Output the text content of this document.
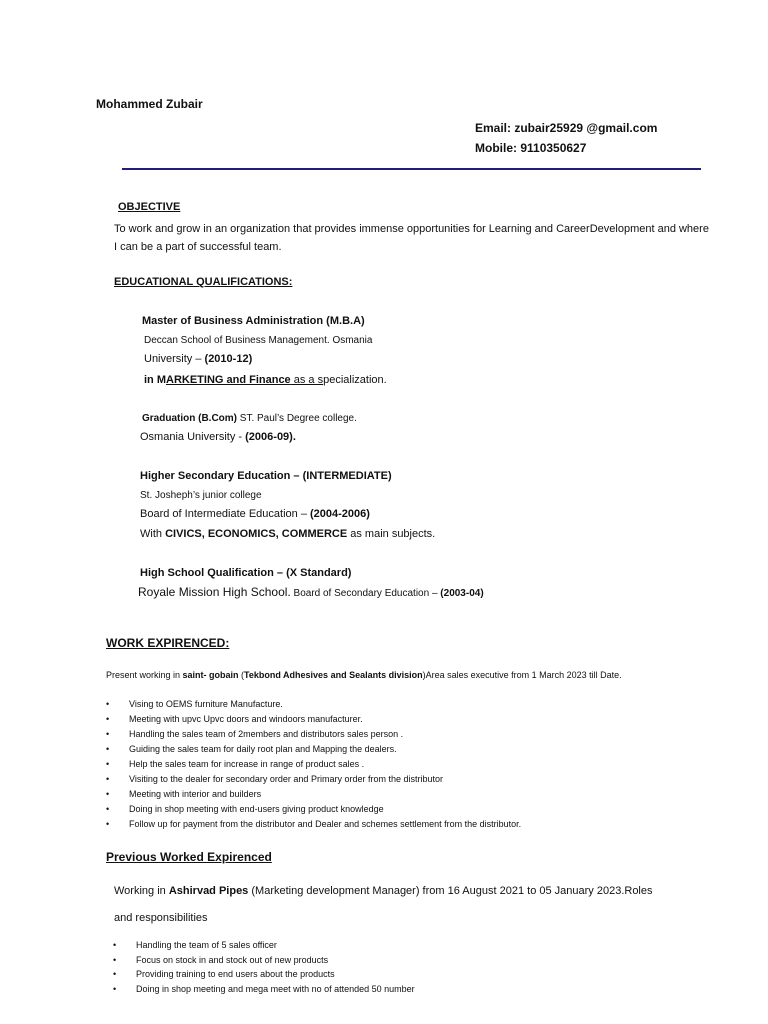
Mohammed Zubair
Email: zubair25929 @gmail.com
Mobile: 9110350627
OBJECTIVE
To work and grow in an organization that provides immense opportunities for Learning and CareerDevelopment and where I can be a part of successful team.
EDUCATIONAL QUALIFICATIONS:
Master of Business Administration (M.B.A)
Deccan School of Business Management. Osmania
University – (2010-12)
in MARKETING and Finance as a specialization.
Graduation (B.Com) ST. Paul’s Degree college.
Osmania University - (2006-09).
Higher Secondary Education – (INTERMEDIATE)
St. Josheph’s junior college
Board of Intermediate Education – (2004-2006)
With CIVICS, ECONOMICS, COMMERCE as main subjects.
High School Qualification – (X Standard)
Royale Mission High School. Board of Secondary Education – (2003-04)
WORK EXPIRENCED:
Present working in saint- gobain (Tekbond Adhesives and Sealants division)Area sales executive from 1 March 2023 till Date.
• Vising to OEMS furniture Manufacture.
• Meeting with upvc Upvc doors and windoors manufacturer.
• Handling the sales team of 2members and distributors sales person .
• Guiding the sales team for daily root plan and Mapping the dealers.
• Help the sales team for increase in range of product sales .
• Visiting to the dealer for secondary order and Primary order from the distributor
• Meeting with interior and builders
• Doing in shop meeting with end-users giving product knowledge
• Follow up for payment from the distributor and Dealer and schemes settlement from the distributor.
Previous Worked Expirenced
Working in Ashirvad Pipes (Marketing development Manager) from 16 August 2021 to 05 January 2023.Roles
and responsibilities
• Handling the team of 5 sales officer
• Focus on stock in and stock out of new products
• Providing training to end users about the products
• Doing in shop meeting and mega meet with no of attended 50 number
